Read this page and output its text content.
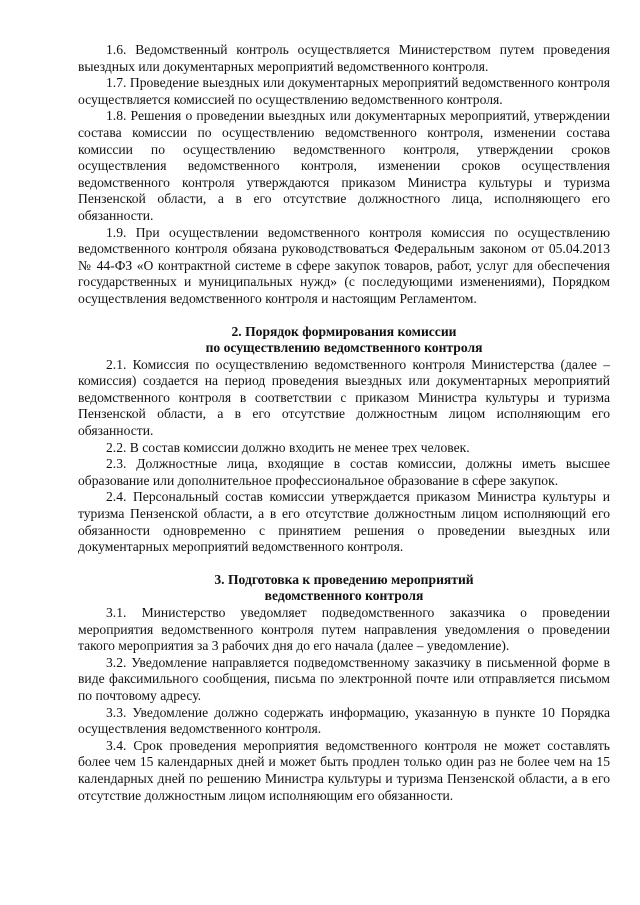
1.6. Ведомственный контроль осуществляется Министерством путем проведения выездных или документарных мероприятий ведомственного контроля.

1.7. Проведение выездных или документарных мероприятий ведомственного контроля осуществляется комиссией по осуществлению ведомственного контроля.

1.8. Решения о проведении выездных или документарных мероприятий, утверждении состава комиссии по осуществлению ведомственного контроля, изменении состава комиссии по осуществлению ведомственного контроля, утверждении сроков осуществления ведомственного контроля, изменении сроков осуществления ведомственного контроля утверждаются приказом Министра культуры и туризма Пензенской области, а в его отсутствие должностного лица, исполняющего его обязанности.

1.9. При осуществлении ведомственного контроля комиссия по осуществлению ведомственного контроля обязана руководствоваться Федеральным законом от 05.04.2013 № 44-ФЗ «О контрактной системе в сфере закупок товаров, работ, услуг для обеспечения государственных и муниципальных нужд» (с последующими изменениями), Порядком осуществления ведомственного контроля и настоящим Регламентом.

2. Порядок формирования комиссии

по осуществлению ведомственного контроля

2.1. Комиссия по осуществлению ведомственного контроля Министерства (далее – комиссия) создается на период проведения выездных или документарных мероприятий ведомственного контроля в соответствии с приказом Министра культуры и туризма Пензенской области, а в его отсутствие должностным лицом исполняющим его обязанности.

2.2. В состав комиссии должно входить не менее трех человек.

2.3. Должностные лица, входящие в состав комиссии, должны иметь высшее образование или дополнительное профессиональное образование в сфере закупок.

2.4. Персональный состав комиссии утверждается приказом Министра культуры и туризма Пензенской области, а в его отсутствие должностным лицом исполняющий его обязанности одновременно с принятием решения о проведении выездных или документарных мероприятий ведомственного контроля.

3. Подготовка к проведению мероприятий

ведомственного контроля

3.1. Министерство уведомляет подведомственного заказчика о проведении мероприятия ведомственного контроля путем направления уведомления о проведении такого мероприятия за 3 рабочих дня до его начала (далее – уведомление).

3.2. Уведомление направляется подведомственному заказчику в письменной форме в виде факсимильного сообщения, письма по электронной почте или отправляется письмом по почтовому адресу.

3.3. Уведомление должно содержать информацию, указанную в пункте 10 Порядка осуществления ведомственного контроля.

3.4. Срок проведения мероприятия ведомственного контроля не может составлять более чем 15 календарных дней и может быть продлен только один раз не более чем на 15 календарных дней по решению Министра культуры и туризма Пензенской области, а в его отсутствие должностным лицом исполняющим его обязанности.
